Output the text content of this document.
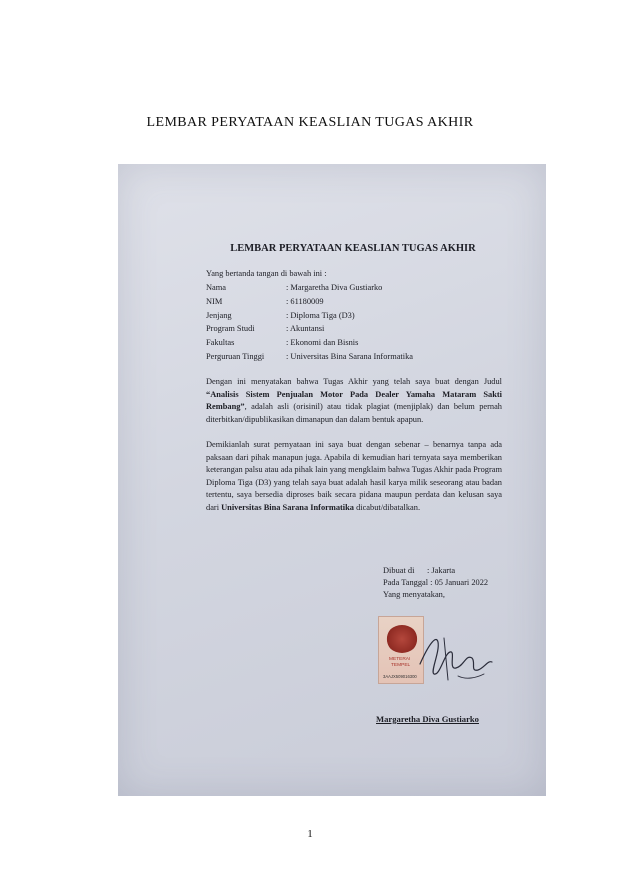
LEMBAR PERYATAAN KEASLIAN TUGAS AKHIR
LEMBAR PERYATAAN KEASLIAN TUGAS AKHIR
Yang bertanda tangan di bawah ini :
Nama	: Margaretha Diva Gustiarko
NIM	: 61180009
Jenjang	: Diploma Tiga (D3)
Program Studi	: Akuntansi
Fakultas	: Ekonomi dan Bisnis
Perguruan Tinggi	: Universitas Bina Sarana Informatika
Dengan ini menyatakan bahwa Tugas Akhir yang telah saya buat dengan Judul “Analisis Sistem Penjualan Motor Pada Dealer Yamaha Mataram Sakti Rembang”, adalah asli (orisinil) atau tidak plagiat (menjiplak) dan belum pernah diterbitkan/dipublikasikan dimanapun dan dalam bentuk apapun.
Demikianlah surat pernyataan ini saya buat dengan sebenar – benarnya tanpa ada paksaan dari pihak manapun juga. Apabila di kemudian hari ternyata saya memberikan keterangan palsu atau ada pihak lain yang mengklaim bahwa Tugas Akhir pada Program Diploma Tiga (D3) yang telah saya buat adalah hasil karya milik seseorang atau badan tertentu, saya bersedia diproses baik secara pidana maupun perdata dan kelusan saya dari Universitas Bina Sarana Informatika dicabut/dibatalkan.
Dibuat di : Jakarta
Pada Tanggal : 05 Januari 2022
Yang menyatakan,
METERAI
TEMPEL
3AAJX509016300
Margaretha Diva Gustiarko
1
